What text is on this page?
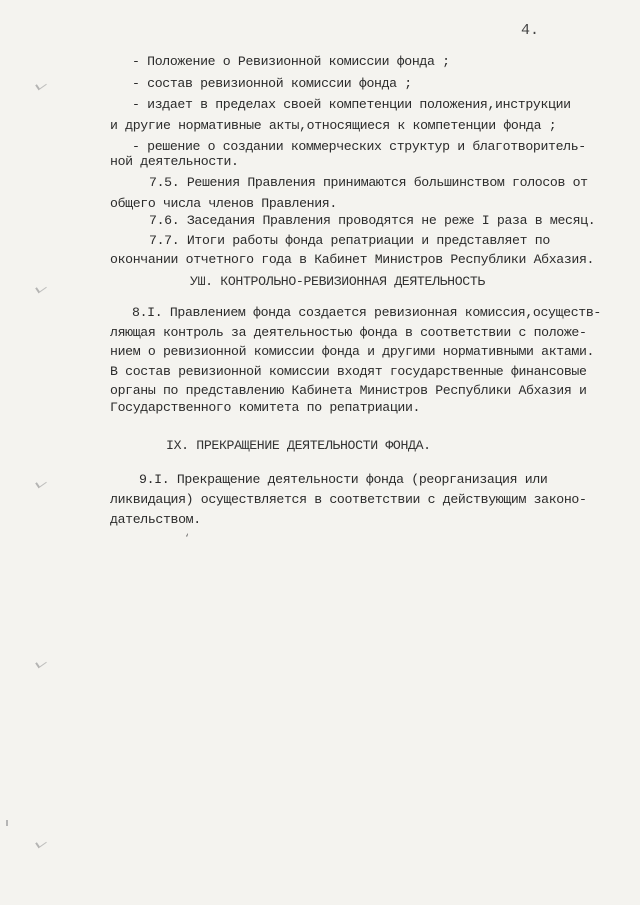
4.
- Положение о Ревизионной комиссии фонда ;
- состав ревизионной комиссии фонда ;
- издает в пределах своей компетенции положения,инструкции
и другие нормативные акты,относящиеся к компетенции фонда ;
- решение о создании коммерческих структур и благотворитель-
ной деятельности.
7.5. Решения Правления принимаются большинством голосов от
общего числа членов Правления.
7.6. Заседания Правления проводятся не реже I раза в месяц.
7.7. Итоги работы фонда репатриации и представляет по
окончании отчетного года в Кабинет Министров Республики Абхазия.
УШ. КОНТРОЛЬНО-РЕВИЗИОННАЯ ДЕЯТЕЛЬНОСТЬ
8.I. Правлением фонда создается ревизионная комиссия,осуществ-
ляющая контроль за деятельностью фонда в соответствии с положе-
нием о ревизионной комиссии фонда и другими нормативными актами.
В состав ревизионной комиссии входят государственные финансовые
органы по представлению Кабинета Министров Республики Абхазия и
Государственного комитета по репатриации.
IX. ПРЕКРАЩЕНИЕ ДЕЯТЕЛЬНОСТИ ФОНДА.
9.I. Прекращение деятельности фонда (реорганизация или
ликвидация) осуществляется в соответствии с действующим законо-
дательством.
‘
